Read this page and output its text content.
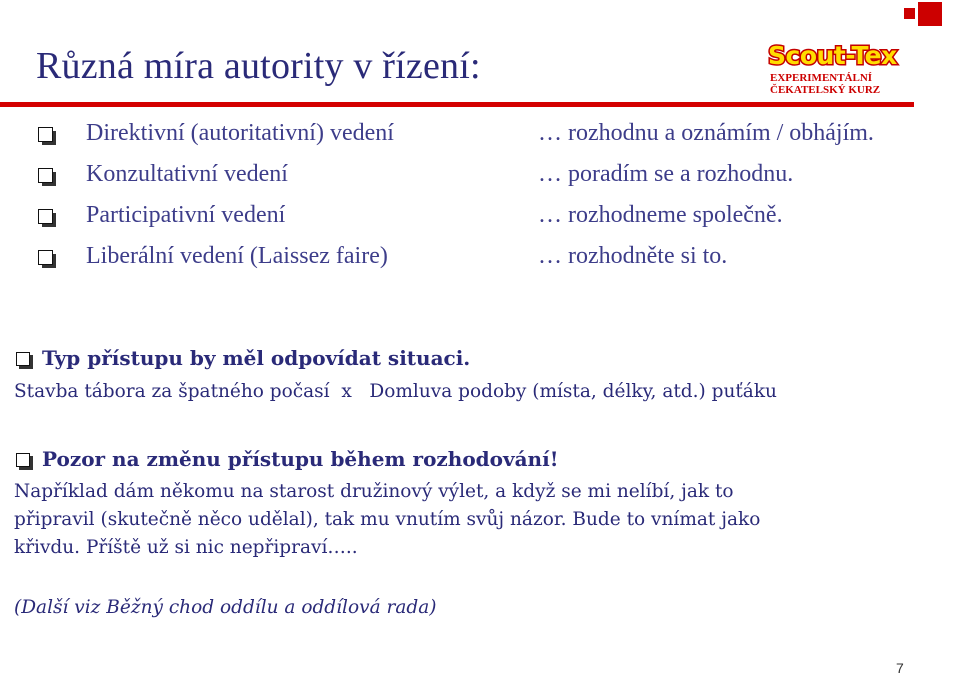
Různá míra autority v řízení:	Scout-Tex
EXPERIMENTÁLNÍ
ČEKATELSKÝ KURZ
Direktivní (autoritativní) vedení	… rozhodnu a oznámím / obhájím.
Konzultativní vedení	… poradím se a rozhodnu.
Participativní vedení	… rozhodneme společně.
Liberální vedení (Laissez faire)	… rozhodněte si to.
Typ přístupu by měl odpovídat situaci.
Stavba tábora za špatného počasí  x   Domluva podoby (místa, délky, atd.) puťáku
Pozor na změnu přístupu během rozhodování!
Například dám někomu na starost družinový výlet, a když se mi nelíbí, jak to
připravil (skutečně něco udělal), tak mu vnutím svůj názor. Bude to vnímat jako
křivdu. Příště už si nic nepřipraví…..
(Další viz Běžný chod oddílu a oddílová rada)
7
